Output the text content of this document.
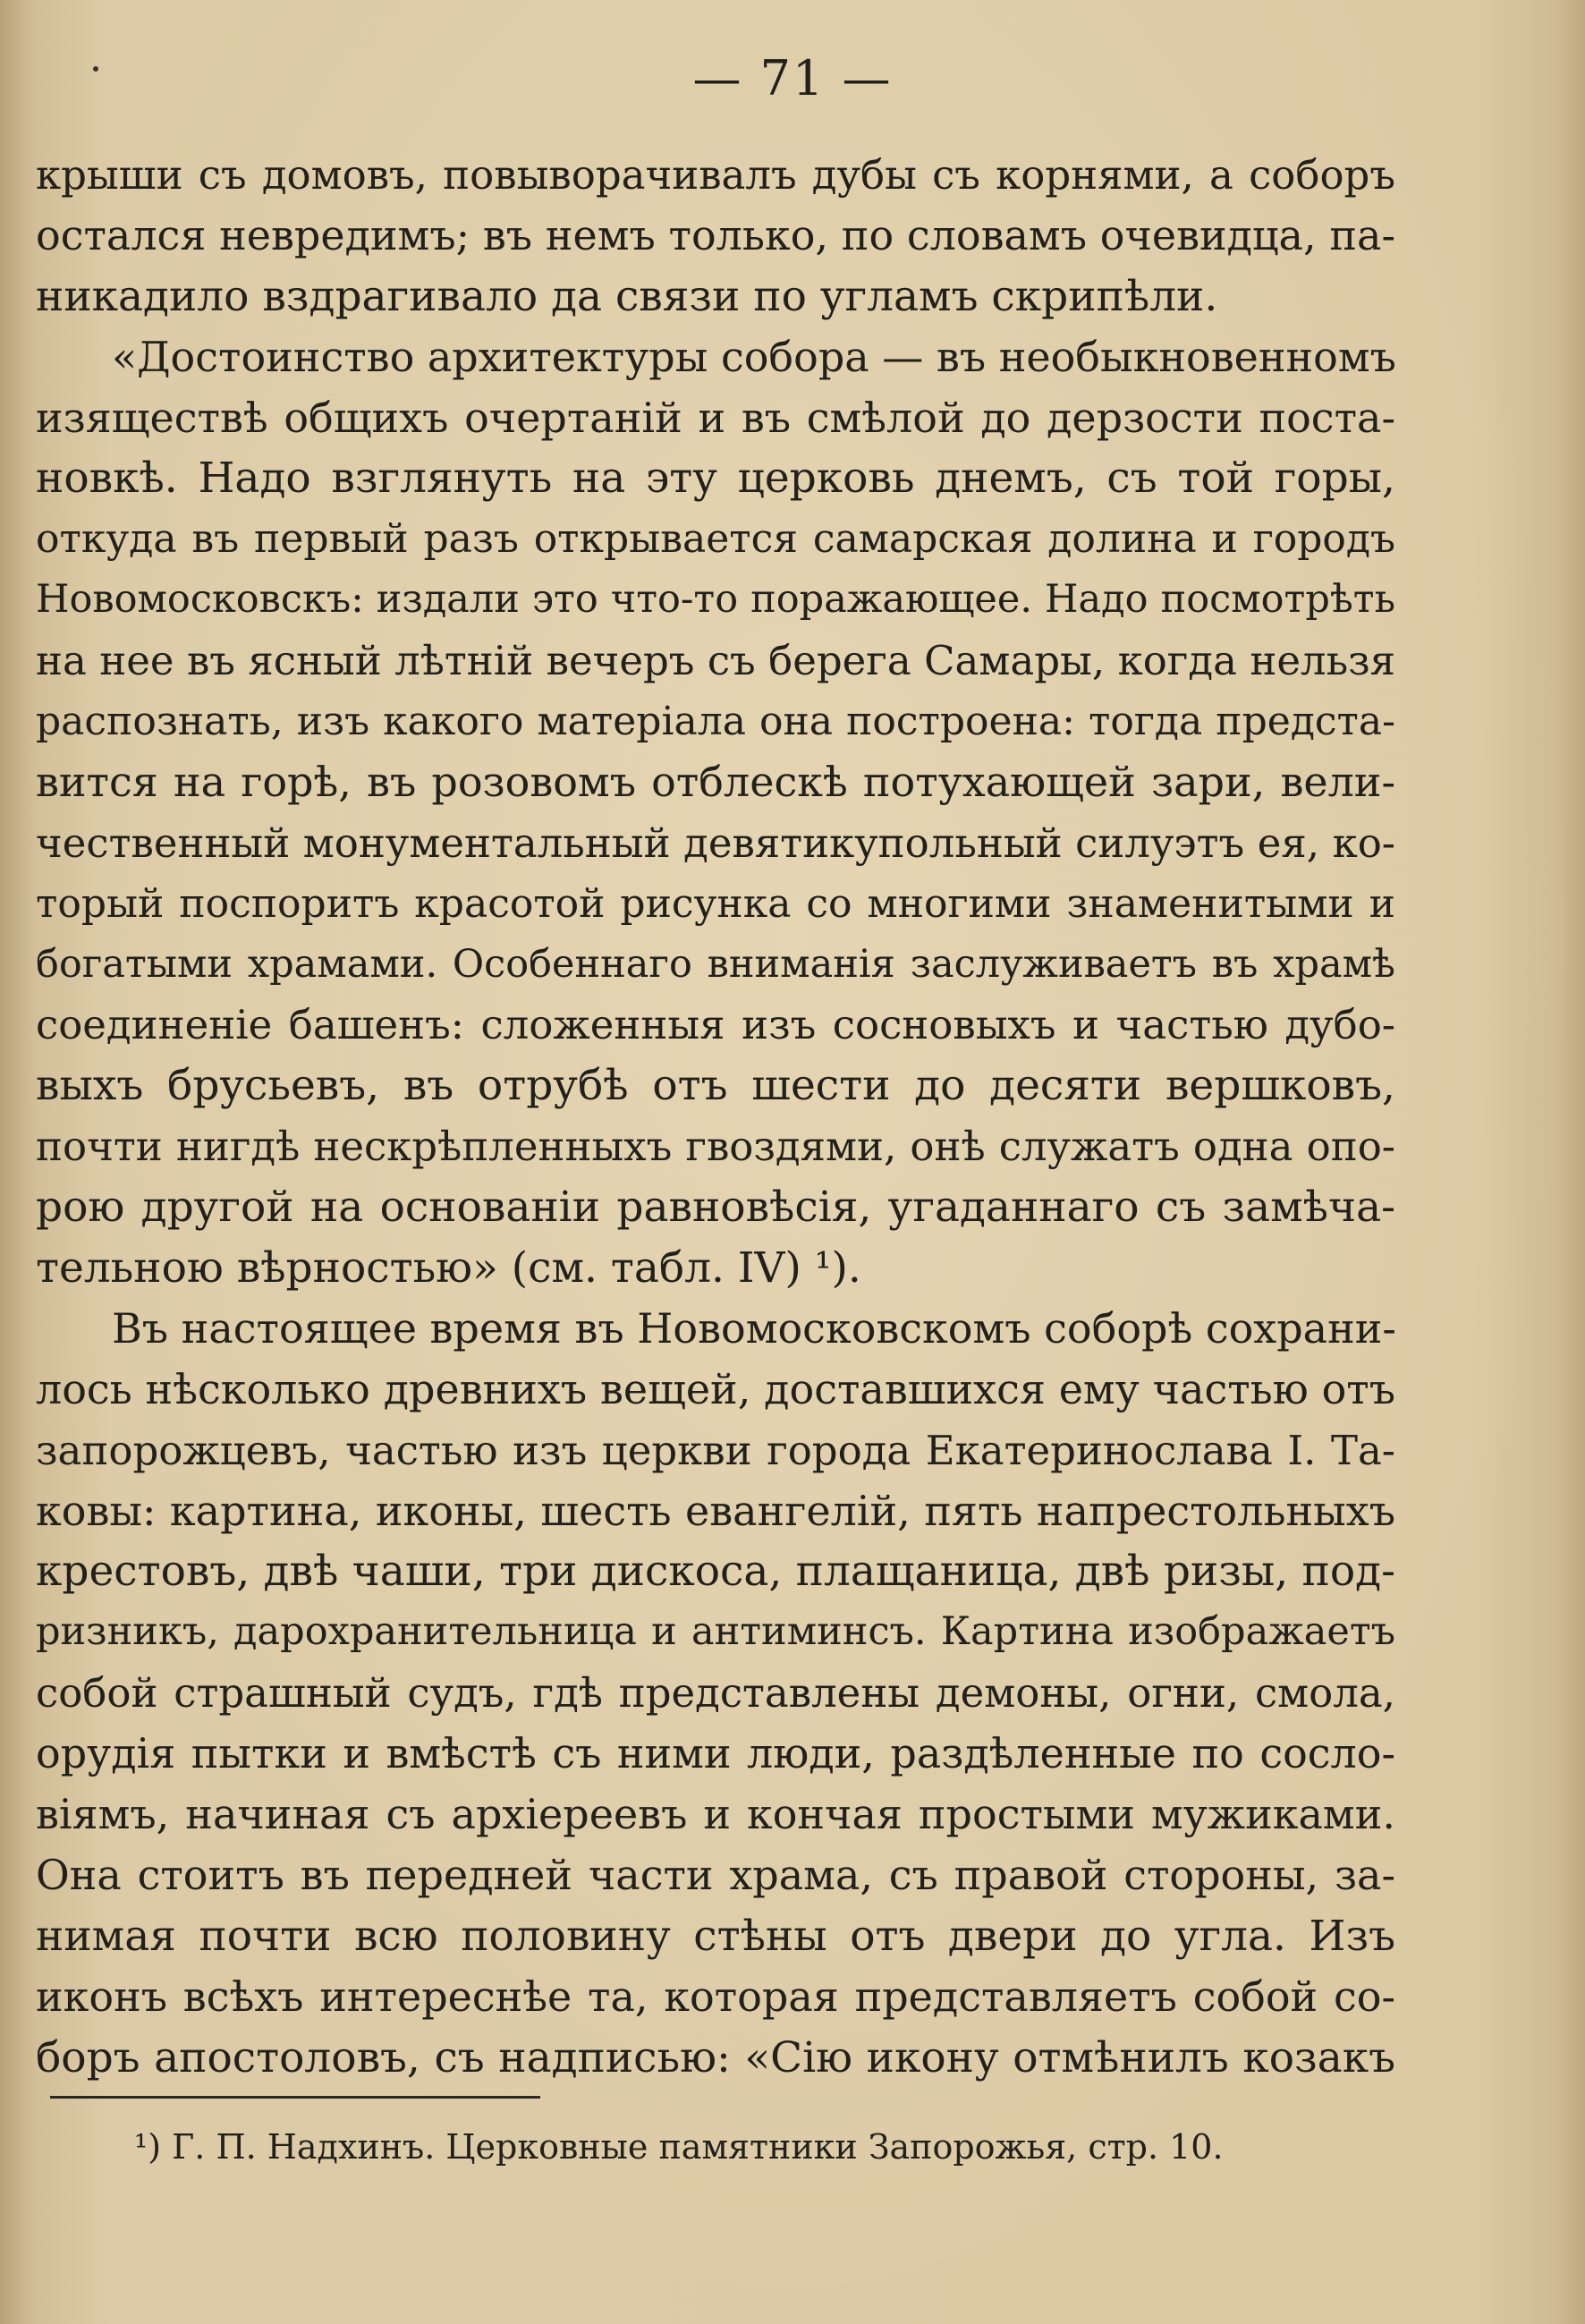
— 71 —
крыши съ домовъ, повыворачивалъ дубы съ корнями, а соборъ
остался невредимъ; въ немъ только, по словамъ очевидца, па-
никадило вздрагивало да связи по угламъ скрипѣли.
«Достоинство архитектуры собора — въ необыкновенномъ
изяществѣ общихъ очертаній и въ смѣлой до дерзости поста-
новкѣ. Надо взглянуть на эту церковь днемъ, съ той горы,
откуда въ первый разъ открывается самарская долина и городъ
Новомосковскъ: издали это что-то поражающее. Надо посмотрѣть
на нее въ ясный лѣтній вечеръ съ берега Самары, когда нельзя
распознать, изъ какого матеріала она построена: тогда предста-
вится на горѣ, въ розовомъ отблескѣ потухающей зари, вели-
чественный монументальный девятикупольный силуэтъ ея, ко-
торый поспоритъ красотой рисунка со многими знаменитыми и
богатыми храмами. Особеннаго вниманія заслуживаетъ въ храмѣ
соединеніе башенъ: сложенныя изъ сосновыхъ и частью дубо-
выхъ брусьевъ, въ отрубѣ отъ шести до десяти вершковъ,
почти нигдѣ нескрѣпленныхъ гвоздями, онѣ служатъ одна опо-
рою другой на основаніи равновѣсія, угаданнаго съ замѣча-
тельною вѣрностью» (см. табл. IV) ¹).
Въ настоящее время въ Новомосковскомъ соборѣ сохрани-
лось нѣсколько древнихъ вещей, доставшихся ему частью отъ
запорожцевъ, частью изъ церкви города Екатеринослава I. Та-
ковы: картина, иконы, шесть евангелій, пять напрестольныхъ
крестовъ, двѣ чаши, три дискоса, плащаница, двѣ ризы, под-
ризникъ, дарохранительница и антиминсъ. Картина изображаетъ
собой страшный судъ, гдѣ представлены демоны, огни, смола,
орудія пытки и вмѣстѣ съ ними люди, раздѣленные по сосло-
віямъ, начиная съ архіереевъ и кончая простыми мужиками.
Она стоитъ въ передней части храма, съ правой стороны, за-
нимая почти всю половину стѣны отъ двери до угла. Изъ
иконъ всѣхъ интереснѣе та, которая представляетъ собой со-
боръ апостоловъ, съ надписью: «Сію икону отмѣнилъ козакъ
¹) Г. П. Надхинъ. Церковные памятники Запорожья, стр. 10.
